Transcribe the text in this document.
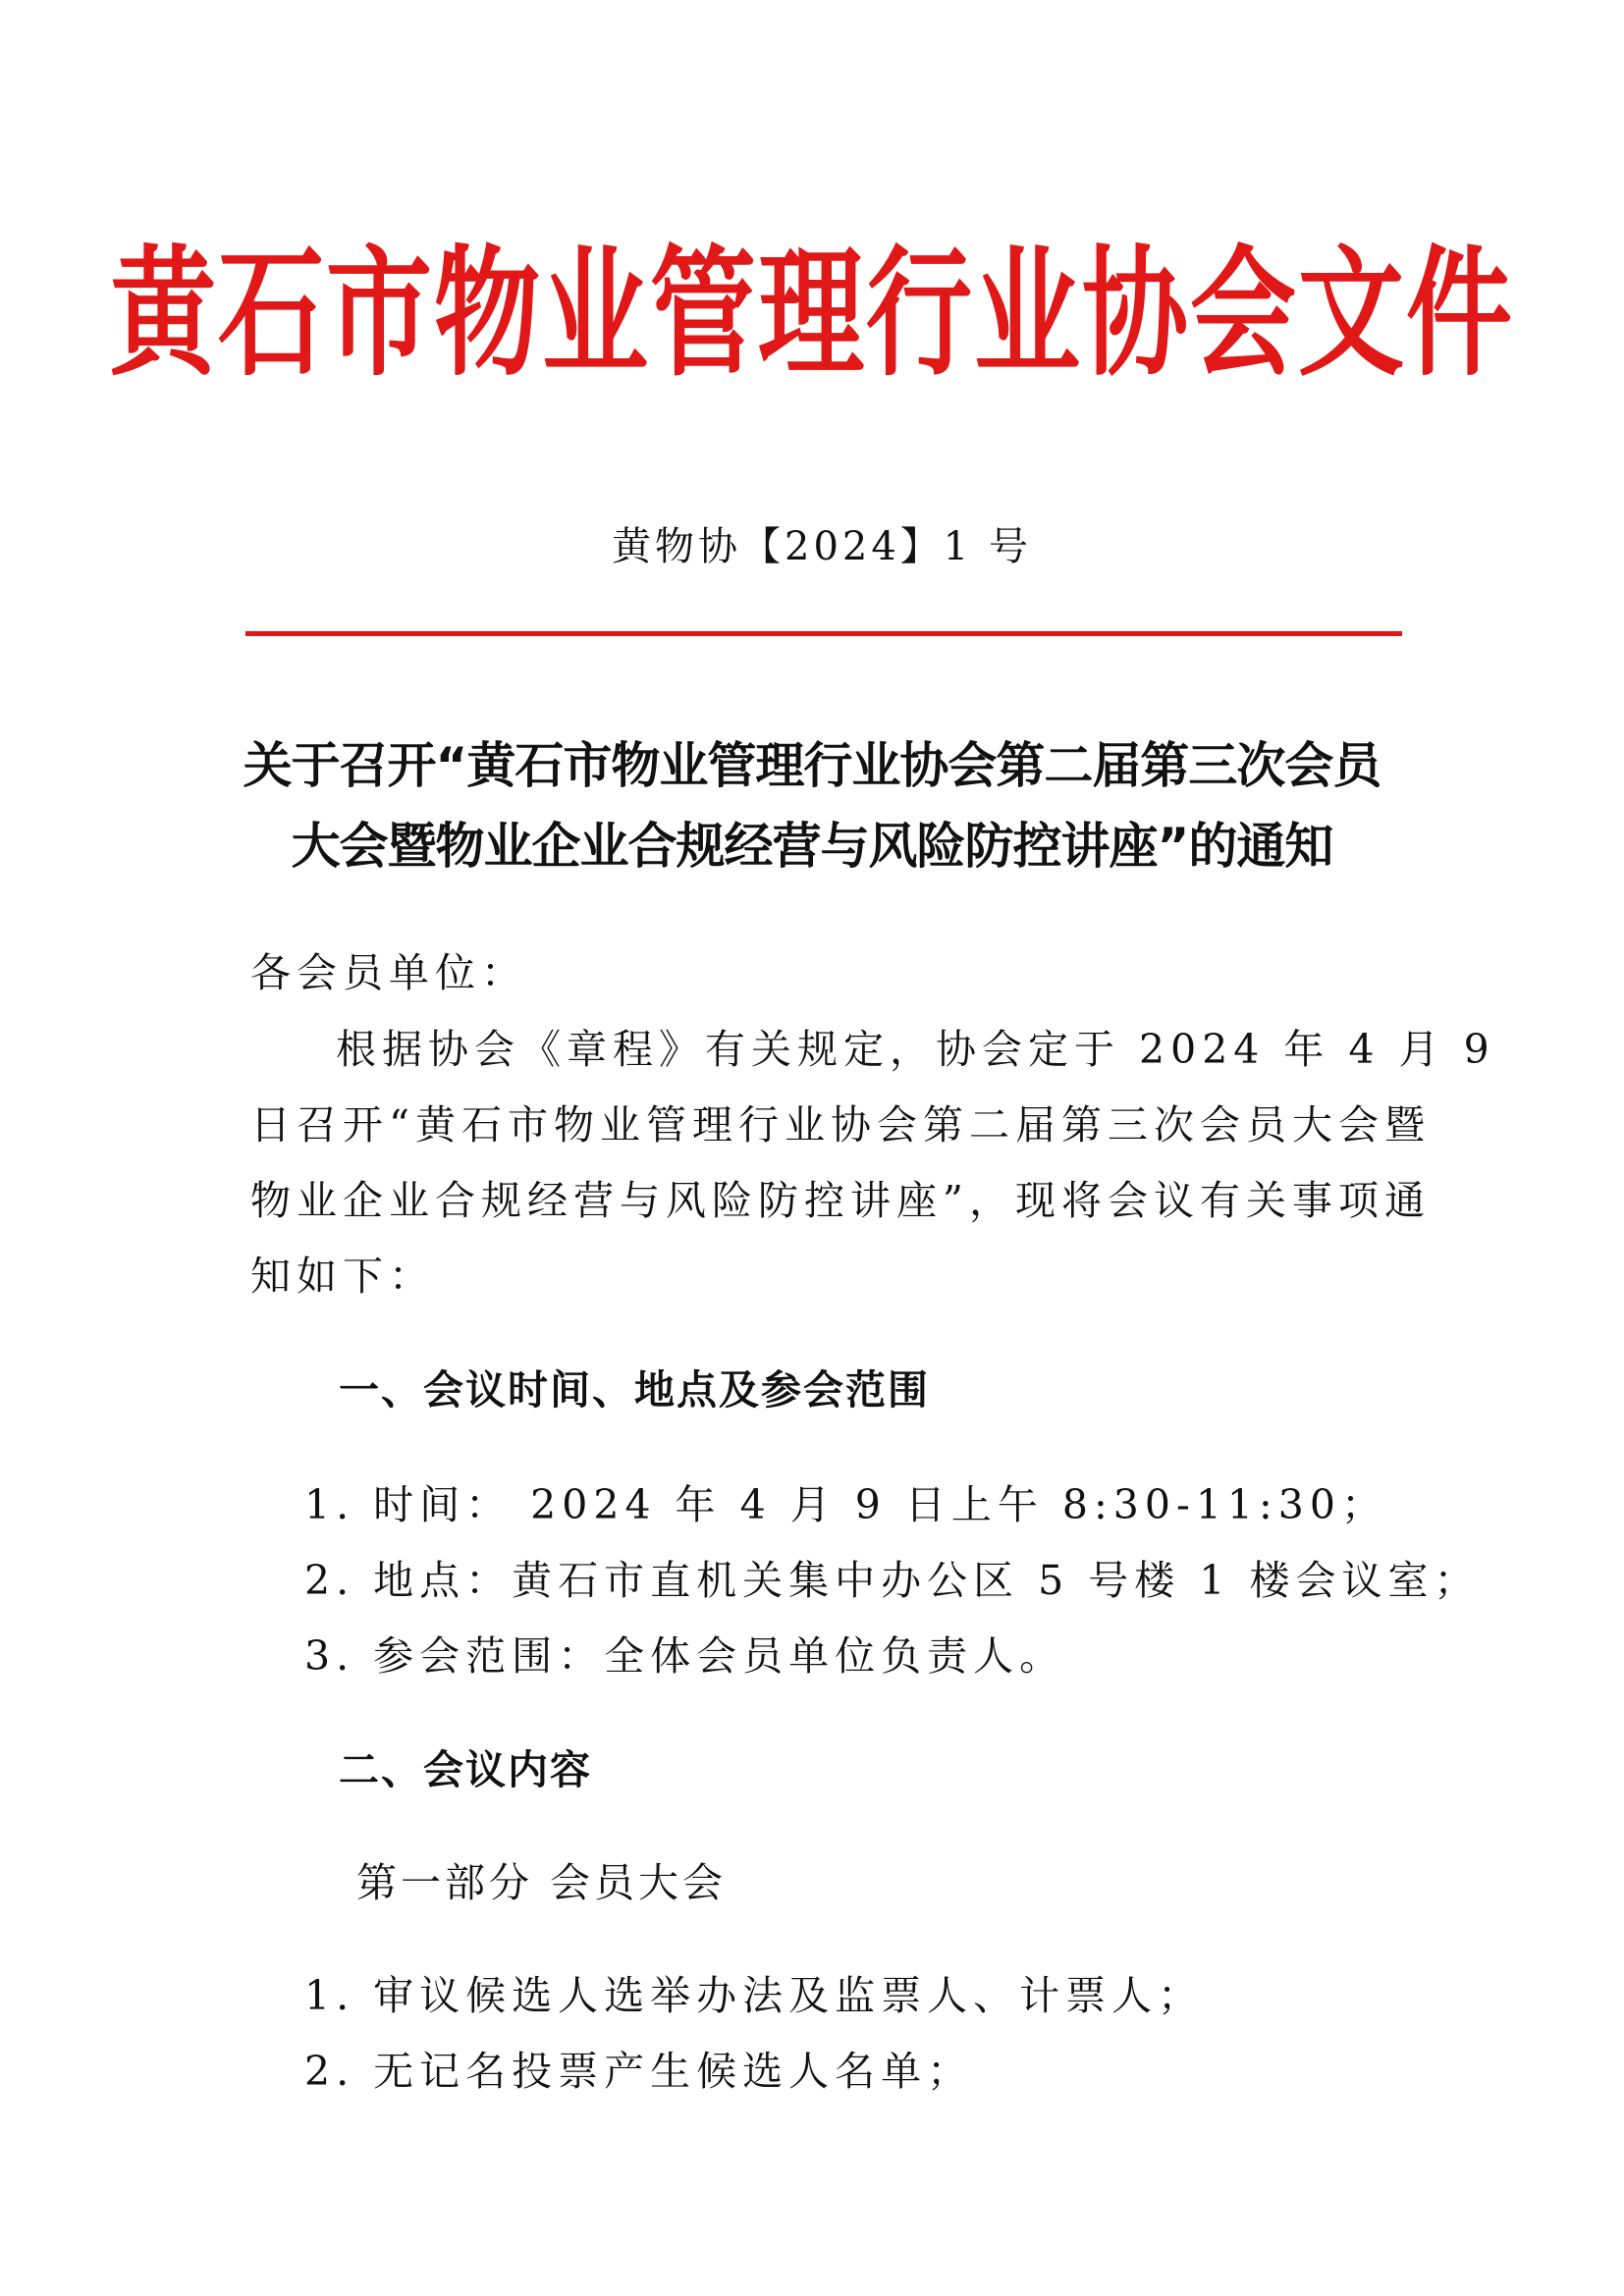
黄石市物业管理行业协会文件
黄物协【2024】1 号
关于召开“黄石市物业管理行业协会第二届第三次会员
大会暨物业企业合规经营与风险防控讲座”的通知
各会员单位：
根据协会《章程》有关规定，协会定于 2024 年 4 月 9
日召开“黄石市物业管理行业协会第二届第三次会员大会暨
物业企业合规经营与风险防控讲座”，现将会议有关事项通
知如下：
一、会议时间、地点及参会范围
1. 时间： 2024 年 4 月 9 日上午 8:30-11:30；
2. 地点：黄石市直机关集中办公区 5 号楼 1 楼会议室；
3. 参会范围：全体会员单位负责人。
二、会议内容
第一部分 会员大会
1. 审议候选人选举办法及监票人、计票人；
2. 无记名投票产生候选人名单；
